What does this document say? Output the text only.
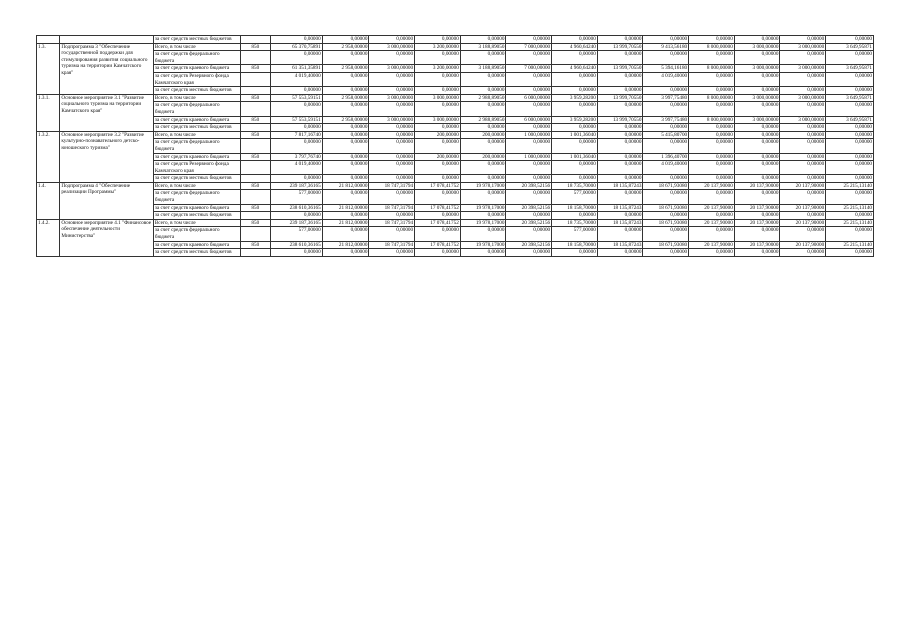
		за счет средств местных бюджетов		0,00000	0,00000	0,00000	0,00000	0,00000	0,00000	0,00000	0,00000	0,00000	0,00000	0,00000	0,00000	0,00000
1.3.	Подпрограмма 3 "Обеспечение государственной поддержки для стимулирования развития социального туризма на территории Камчатского края"	Всего, в том числе	850	65 370,75891	2 958,00000	3 000,00000	3 200,00000	3 188,89050	7 000,00000	4 960,64240	13 999,70550	9 413,56180	8 000,00000	3 000,00000	3 000,00000	3 649,95871
		за счет средств федерального бюджета		0,00000	0,00000	0,00000	0,00000	0,00000	0,00000	0,00000	0,00000	0,00000	0,00000	0,00000	0,00000	0,00000
		за счет средств краевого бюджета	850	61 351,35891	2 958,00000	3 000,00000	3 200,00000	3 188,89050	7 000,00000	4 960,64240	13 999,70550	5 394,16180	8 000,00000	3 000,00000	3 000,00000	3 649,95871
		за счет средств Резервного фонда Камчатского края		4 019,40000	0,00000	0,00000	0,00000	0,00000	0,00000	0,00000	0,00000	4 019,40000	0,00000	0,00000	0,00000	0,00000
		за счет средств местных бюджетов		0,00000	0,00000	0,00000	0,00000	0,00000	0,00000	0,00000	0,00000	0,00000	0,00000	0,00000	0,00000	0,00000
1.3.1.	Основное мероприятие 3.1 "Развитие социального туризма на территории Камчатского края"	Всего, в том числе	850	57 553,59151	2 958,00000	3 000,00000	3 000,00000	2 988,89050	6 000,00000	3 959,28200	13 999,70550	3 997,75480	8 000,00000	3 000,00000	3 000,00000	3 649,95871
		за счет средств федерального бюджета		0,00000	0,00000	0,00000	0,00000	0,00000	0,00000	0,00000	0,00000	0,00000	0,00000	0,00000	0,00000	0,00000
		за счет средств краевого бюджета	850	57 553,59151	2 958,00000	3 000,00000	3 000,00000	2 988,89050	6 000,00000	3 959,28200	13 999,70550	3 997,75480	8 000,00000	3 000,00000	3 000,00000	3 649,95871
		за счет средств местных бюджетов		0,00000	0,00000	0,00000	0,00000	0,00000	0,00000	0,00000	0,00000	0,00000	0,00000	0,00000	0,00000	0,00000
1.3.2.	Основное мероприятие 3.2 "Развитие культурно-познавательного детско-юношеского туризма"	Всего, в том числе	850	7 817,16740	0,00000	0,00000	200,00000	200,00000	1 000,00000	1 001,36040	0,00000	5 415,80700	0,00000	0,00000	0,00000	0,00000
		за счет средств федерального бюджета		0,00000	0,00000	0,00000	0,00000	0,00000	0,00000	0,00000	0,00000	0,00000	0,00000	0,00000	0,00000	0,00000
		за счет средств краевого бюджета	850	3 797,76740	0,00000	0,00000	200,00000	200,00000	1 000,00000	1 001,36040	0,00000	1 396,40700	0,00000	0,00000	0,00000	0,00000
		за счет средств Резервного фонда Камчатского края		4 019,40000	0,00000	0,00000	0,00000	0,00000	0,00000	0,00000	0,00000	4 019,40000	0,00000	0,00000	0,00000	0,00000
		за счет средств местных бюджетов		0,00000	0,00000	0,00000	0,00000	0,00000	0,00000	0,00000	0,00000	0,00000	0,00000	0,00000	0,00000	0,00000
1.4.	Подпрограмма 4 "Обеспечение реализации Программы"	Всего, в том числе	850	239 187,36165	21 812,00000	18 747,31794	17 078,41752	19 978,17000	20 398,52156	18 735,70000	18 135,87243	18 671,93080	20 137,90000	20 137,90000	20 137,90000	25 215,13140
		за счет средств федерального бюджета		577,00000	0,00000	0,00000	0,00000	0,00000	0,00000	577,00000	0,00000	0,00000	0,00000	0,00000	0,00000	0,00000
		за счет средств краевого бюджета	850	238 610,36165	21 812,00000	18 747,31794	17 078,41752	19 978,17000	20 398,52156	18 158,70000	18 135,87243	18 671,93080	20 137,90000	20 137,90000	20 137,90000	25 215,13140
		за счет средств местных бюджетов		0,00000	0,00000	0,00000	0,00000	0,00000	0,00000	0,00000	0,00000	0,00000	0,00000	0,00000	0,00000	0,00000
1.4.2.	Основное мероприятие 4.1 "Финансовое обеспечение деятельности Министерства"	Всего, в том числе	850	239 187,36165	21 812,00000	18 747,31794	17 078,41752	19 978,17000	20 398,52156	18 735,70000	18 135,87243	18 671,93080	20 137,90000	20 137,90000	20 137,90000	25 215,13140
		за счет средств федерального бюджета		577,00000	0,00000	0,00000	0,00000	0,00000	0,00000	577,00000	0,00000	0,00000	0,00000	0,00000	0,00000	0,00000
		за счет средств краевого бюджета	850	238 610,36165	21 812,00000	18 747,31794	17 078,41752	19 978,17000	20 398,52156	18 158,70000	18 135,87243	18 671,93080	20 137,90000	20 137,90000	20 137,90000	25 215,13140
		за счет средств местных бюджетов		0,00000	0,00000	0,00000	0,00000	0,00000	0,00000	0,00000	0,00000	0,00000	0,00000	0,00000	0,00000	0,00000
